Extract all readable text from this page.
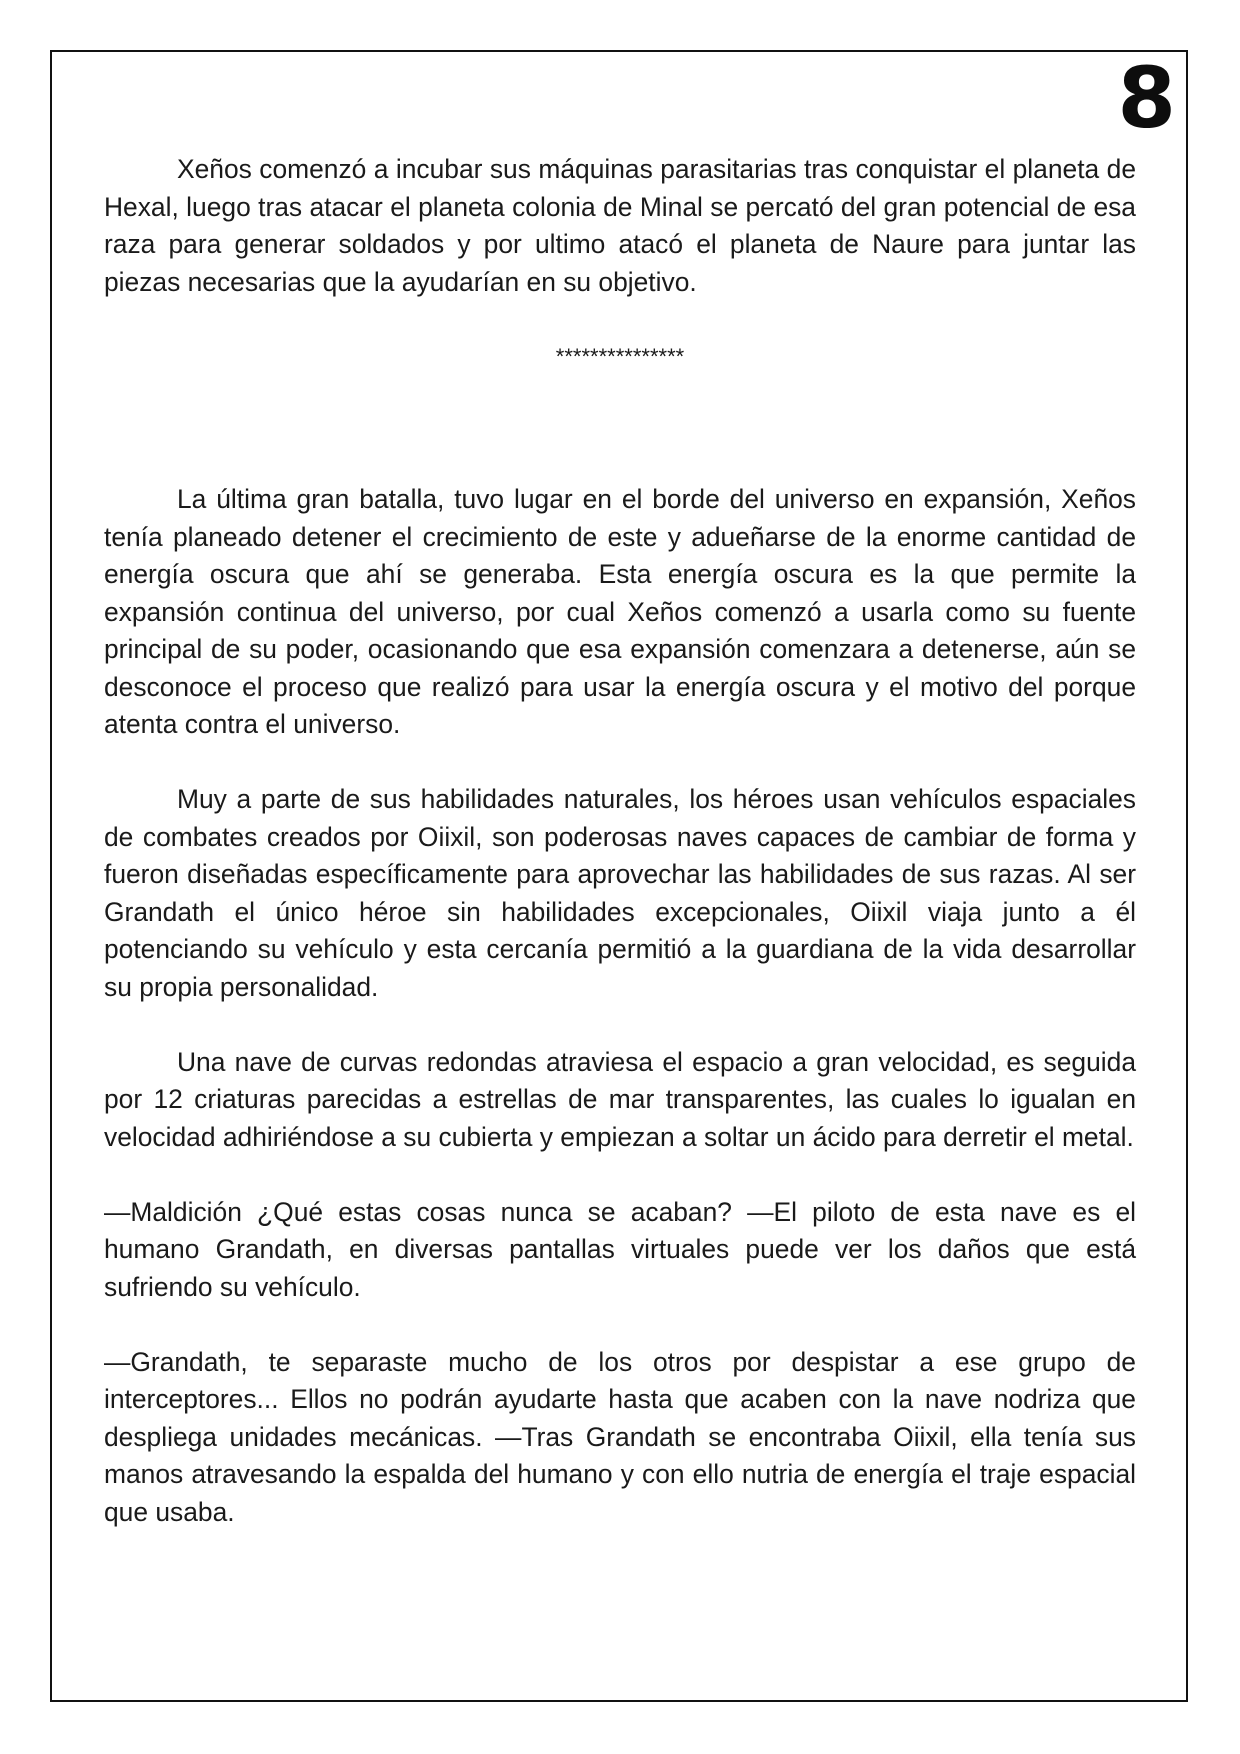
8

Xeños comenzó a incubar sus máquinas parasitarias tras conquistar el planeta de Hexal, luego tras atacar el planeta colonia de Minal se percató del gran potencial de esa raza para generar soldados y por ultimo atacó el planeta de Naure para juntar las piezas necesarias que la ayudarían en su objetivo.

***************

La última gran batalla, tuvo lugar en el borde del universo en expansión, Xeños tenía planeado detener el crecimiento de este y adueñarse de la enorme cantidad de energía oscura que ahí se generaba. Esta energía oscura es la que permite la expansión continua del universo, por cual Xeños comenzó a usarla como su fuente principal de su poder, ocasionando que esa expansión comenzara a detenerse, aún se desconoce el proceso que realizó para usar la energía oscura y el motivo del porque atenta contra el universo.

Muy a parte de sus habilidades naturales, los héroes usan vehículos espaciales de combates creados por Oiixil, son poderosas naves capaces de cambiar de forma y fueron diseñadas específicamente para aprovechar las habilidades de sus razas. Al ser Grandath el único héroe sin habilidades excepcionales, Oiixil viaja junto a él potenciando su vehículo y esta cercanía permitió a la guardiana de la vida desarrollar su propia personalidad.

Una nave de curvas redondas atraviesa el espacio a gran velocidad, es seguida por 12 criaturas parecidas a estrellas de mar transparentes, las cuales lo igualan en velocidad adhiriéndose a su cubierta y empiezan a soltar un ácido para derretir el metal.

—Maldición ¿Qué estas cosas nunca se acaban? —El piloto de esta nave es el humano Grandath, en diversas pantallas virtuales puede ver los daños que está sufriendo su vehículo.

—Grandath, te separaste mucho de los otros por despistar a ese grupo de interceptores... Ellos no podrán ayudarte hasta que acaben con la nave nodriza que despliega unidades mecánicas. —Tras Grandath se encontraba Oiixil, ella tenía sus manos atravesando la espalda del humano y con ello nutria de energía el traje espacial que usaba.
